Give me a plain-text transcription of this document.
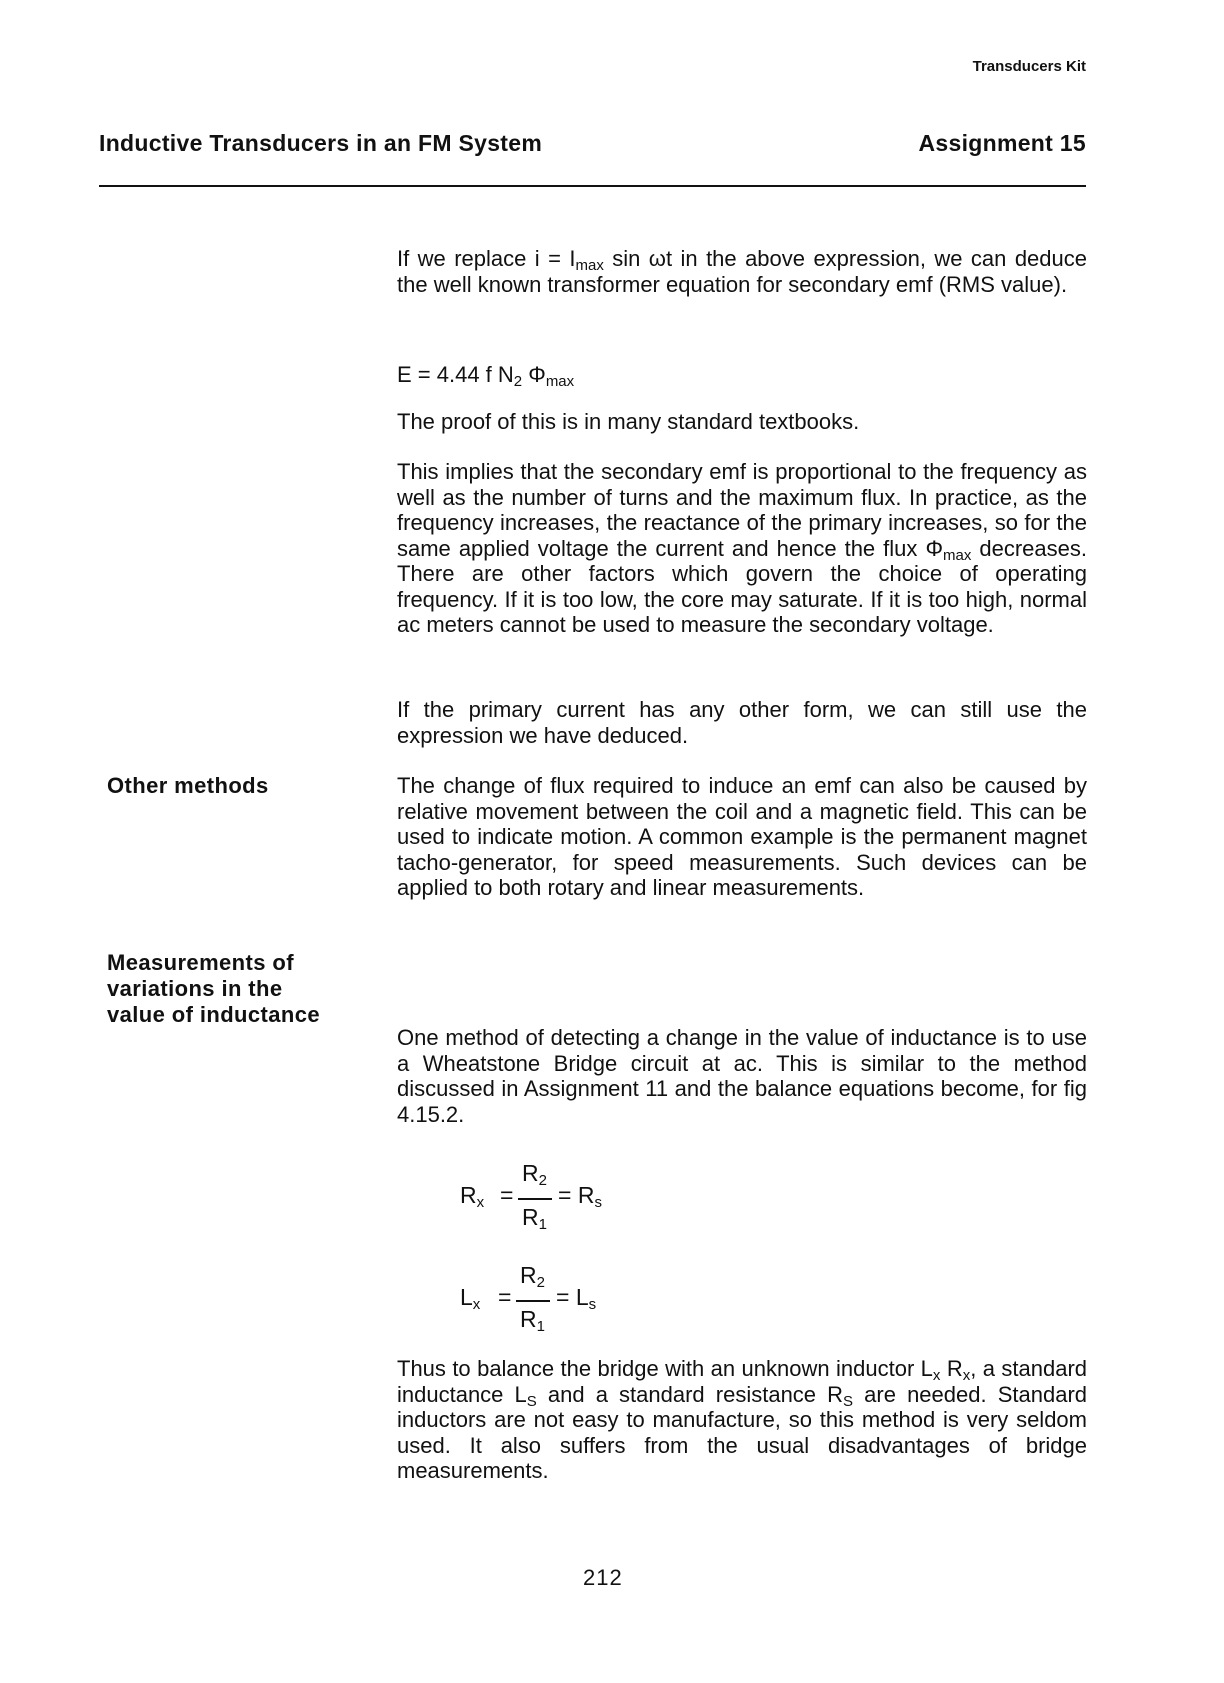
Transducers Kit
Inductive Transducers in an FM System	Assignment 15

If we replace $i = I_{max}$ sin ωt in the above expression, we can deduce the well known transformer equation for secondary emf (RMS value).

E = 4.44 f $N_2$ $\Phi_{max}$

The proof of this is in many standard textbooks.

This implies that the secondary emf is proportional to the frequency as well as the number of turns and the maximum flux. In practice, as the frequency increases, the reactance of the primary increases, so for the same applied voltage the current and hence the flux $\Phi_{max}$ decreases. There are other factors which govern the choice of operating frequency. If it is too low, the core may saturate. If it is too high, normal ac meters cannot be used to measure the secondary voltage.

If the primary current has any other form, we can still use the expression we have deduced.

Other methods	The change of flux required to induce an emf can also be caused by relative movement between the coil and a magnetic field. This can be used to indicate motion. A common example is the permanent magnet tacho-generator, for speed measurements. Such devices can be applied to both rotary and linear measurements.

Measurements of variations in the value of inductance

One method of detecting a change in the value of inductance is to use a Wheatstone Bridge circuit at ac. This is similar to the method discussed in Assignment 11 and the balance equations become, for fig 4.15.2.

$R_x$ =
$R_2$
$R_1$
= $R_s$
$L_x$ =
$R_2$
$R_1$
= $L_s$

Thus to balance the bridge with an unknown inductor $L_x$ $R_x$, a standard inductance $L_S$ and a standard resistance $R_S$ are needed. Standard inductors are not easy to manufacture, so this method is very seldom used. It also suffers from the usual disadvantages of bridge measurements.

212
